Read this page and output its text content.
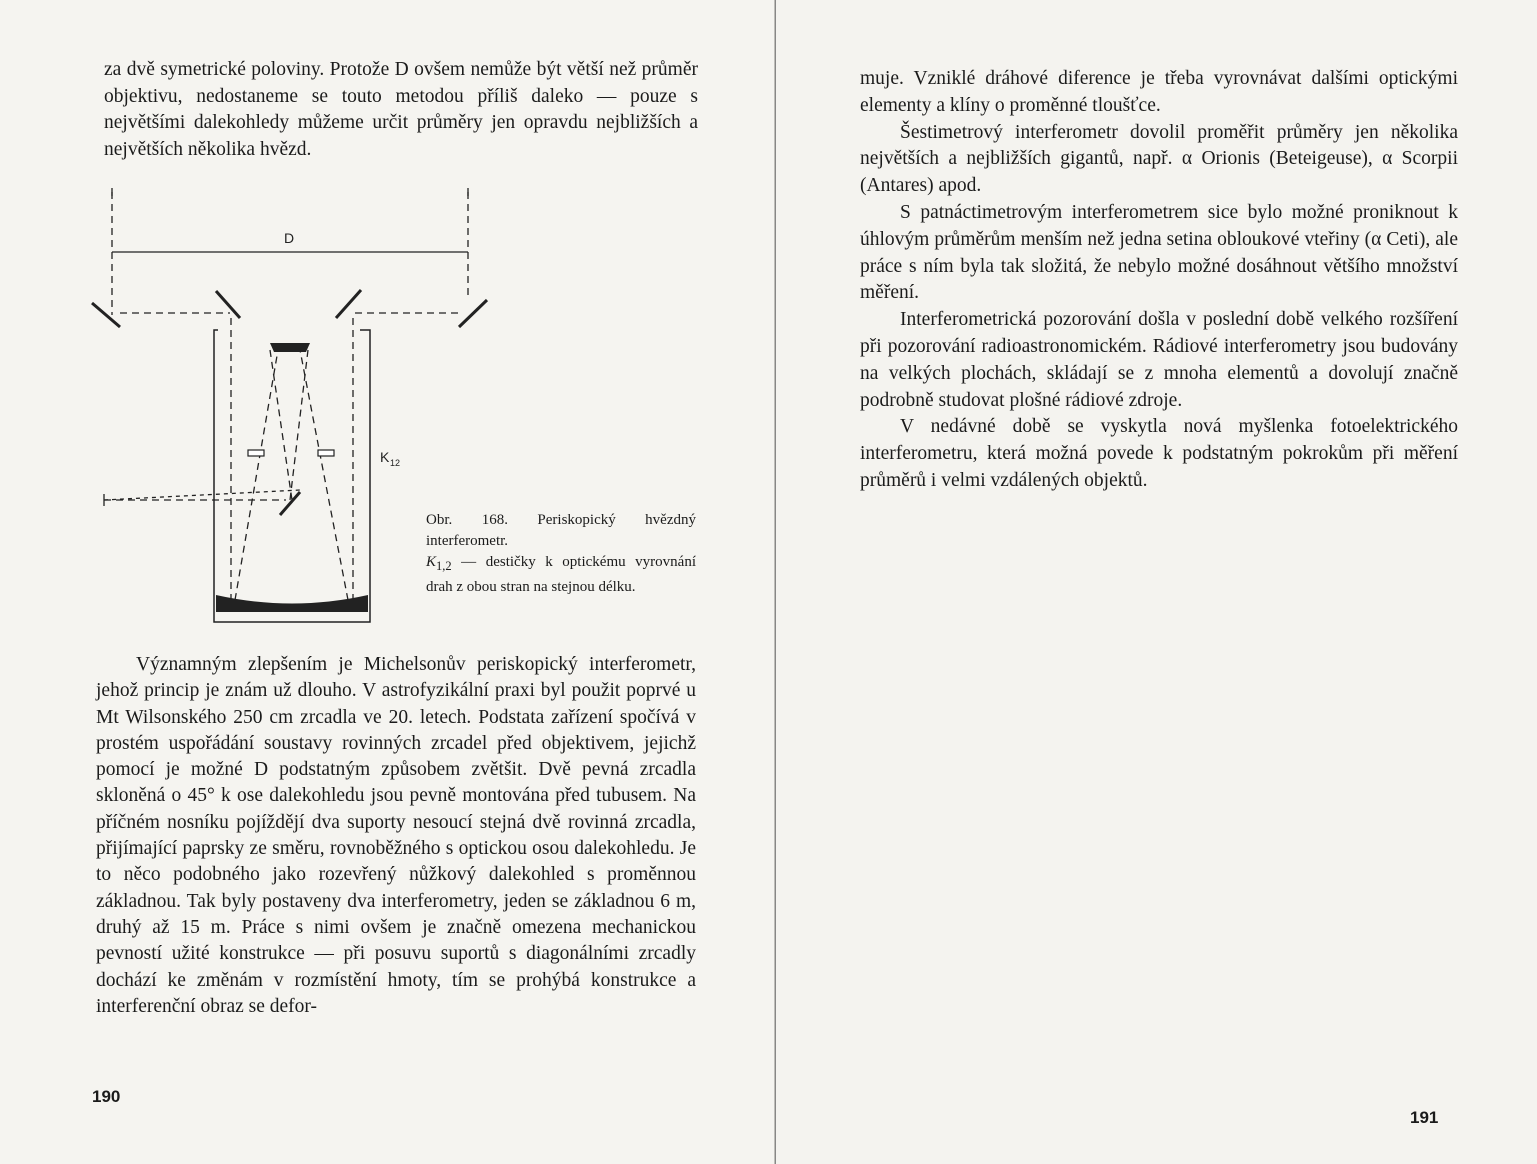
za dvě symetrické poloviny. Protože D ovšem nemůže být větší než průměr objektivu, nedostaneme se touto metodou příliš daleko — pouze s největšími dalekohledy můžeme určit průměry jen opravdu nejbližších a největších několika hvězd.

Obr. 168. Periskopický hvězdný interferometr.

$K_{1,2}$ — destičky k optickému vyrovnání drah z obou stran na stejnou délku.

Významným zlepšením je Michelsonův periskopický interferometr, jehož princip je znám už dlouho. V astrofyzikální praxi byl použit poprvé u Mt Wilsonského 250 cm zrcadla ve 20. letech. Podstata zařízení spočívá v prostém uspořádání soustavy rovinných zrcadel před objektivem, jejichž pomocí je možné D podstatným způsobem zvětšit. Dvě pevná zrcadla skloněná o 45° k ose dalekohledu jsou pevně montována před tubusem. Na příčném nosníku pojíždějí dva suporty nesoucí stejná dvě rovinná zrcadla, přijímající paprsky ze směru, rovnoběžného s optickou osou dalekohledu. Je to něco podobného jako rozevřený nůžkový dalekohled s proměnnou základnou. Tak byly postaveny dva interferometry, jeden se základnou 6 m, druhý až 15 m. Práce s nimi ovšem je značně omezena mechanickou pevností užité konstrukce — při posuvu suportů s diagonálními zrcadly dochází ke změnám v rozmístění hmoty, tím se prohýbá konstrukce a interferenční obraz se defor-

190

muje. Vzniklé dráhové diference je třeba vyrovnávat dalšími optickými elementy a klíny o proměnné tloušťce.

Šestimetrový interferometr dovolil proměřit průměry jen několika největších a nejbližších gigantů, např. α Orionis (Beteigeuse), α Scorpii (Antares) apod.

S patnáctimetrovým interferometrem sice bylo možné proniknout k úhlovým průměrům menším než jedna setina obloukové vteřiny (α Ceti), ale práce s ním byla tak složitá, že nebylo možné dosáhnout většího množství měření.

Interferometrická pozorování došla v poslední době velkého rozšíření při pozorování radioastronomickém. Rádiové interferometry jsou budovány na velkých plochách, skládají se z mnoha elementů a dovolují značně podrobně studovat plošné rádiové zdroje.

V nedávné době se vyskytla nová myšlenka fotoelektrického interferometru, která možná povede k podstatným pokrokům při měření průměrů i velmi vzdálených objektů.

191
D
K 12
